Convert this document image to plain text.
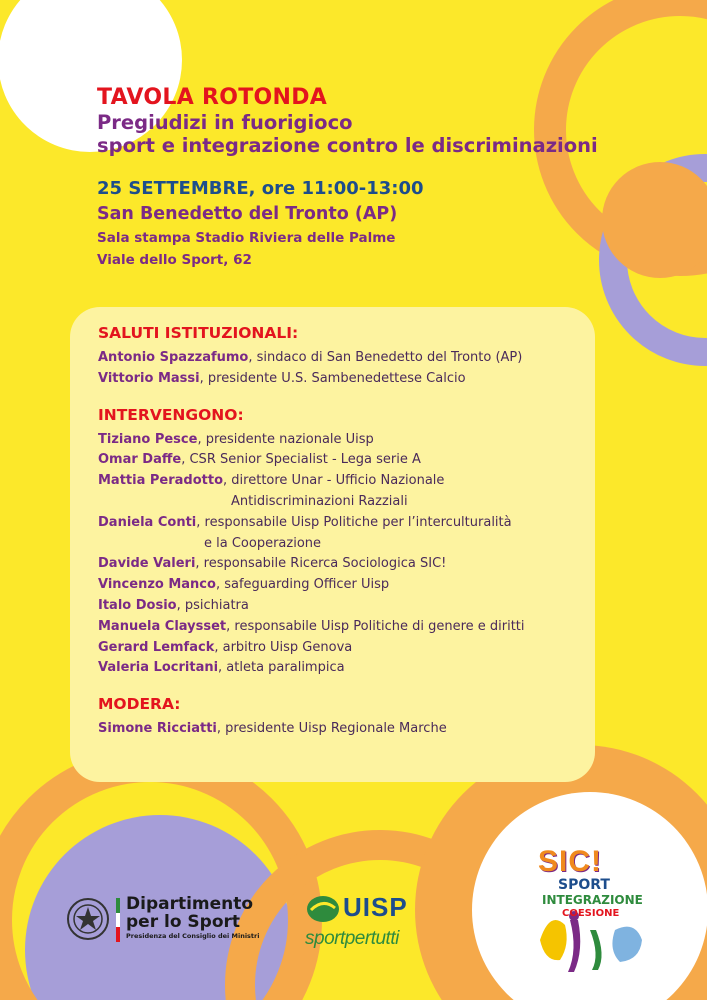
TAVOLA ROTONDA
Pregiudizi in fuorigioco
sport e integrazione contro le discriminazioni
25 SETTEMBRE, ore 11:00-13:00
San Benedetto del Tronto (AP)
Sala stampa Stadio Riviera delle Palme
Viale dello Sport, 62
SALUTI ISTITUZIONALI:
Antonio Spazzafumo, sindaco di San Benedetto del Tronto (AP)
Vittorio Massi, presidente U.S. Sambenedettese Calcio
INTERVENGONO:
Tiziano Pesce, presidente nazionale Uisp
Omar Daffe, CSR Senior Specialist - Lega serie A
Mattia Peradotto, direttore Unar - Ufficio Nazionale
Antidiscriminazioni Razziali
Daniela Conti, responsabile Uisp Politiche per l’interculturalità
e la Cooperazione
Davide Valeri, responsabile Ricerca Sociologica SIC!
Vincenzo Manco, safeguarding Officer Uisp
Italo Dosio, psichiatra
Manuela Claysset, responsabile Uisp Politiche di genere e diritti
Gerard Lemfack, arbitro Uisp Genova
Valeria Locritani, atleta paralimpica
MODERA:
Simone Ricciatti, presidente Uisp Regionale Marche
Dipartimento
per lo Sport
Presidenza del Consiglio dei Ministri
UISP
sportpertutti
SIC!
SPORT
INTEGRAZIONE
COESIONE
